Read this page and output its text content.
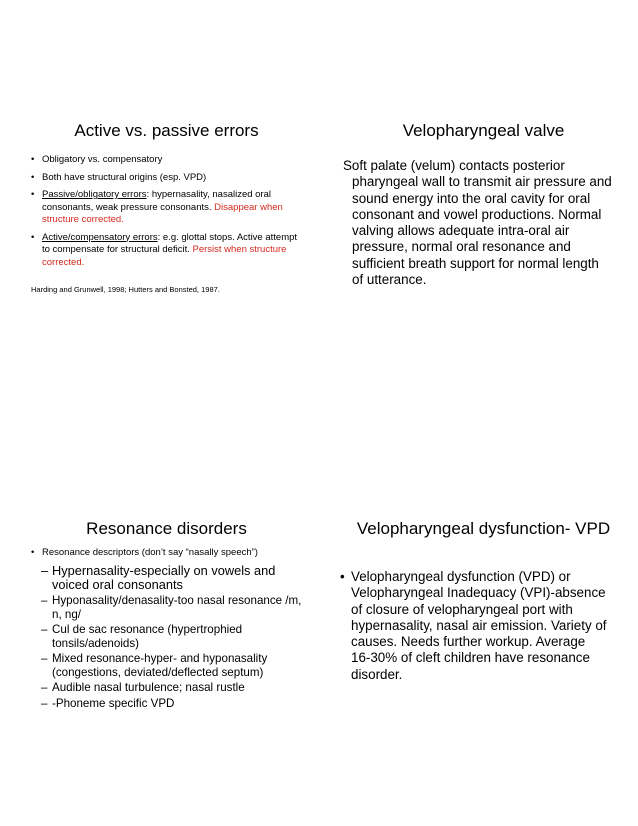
Active vs. passive errors
• Obligatory vs. compensatory
• Both have structural origins (esp. VPD)
• Passive/obligatory errors: hypernasality, nasalized oral consonants, weak pressure consonants. Disappear when structure corrected.
• Active/compensatory errors: e.g. glottal stops. Active attempt to compensate for structural deficit. Persist when structure corrected.
Harding and Grunwell, 1998; Hutters and Bonsted, 1987.
Velopharyngeal valve
Soft palate (velum) contacts posterior
pharyngeal wall to transmit air pressure and sound energy into the oral cavity for oral consonant and vowel productions. Normal valving allows adequate intra-oral air pressure, normal oral resonance and sufficient breath support for normal length of utterance.
Resonance disorders
• Resonance descriptors (don’t say “nasally speech”)
– Hypernasality-especially on vowels and voiced oral consonants
– Hyponasality/denasality-too nasal resonance /m, n, ng/
– Cul de sac resonance (hypertrophied tonsils/adenoids)
– Mixed resonance-hyper- and hyponasality (congestions, deviated/deflected septum)
– Audible nasal turbulence; nasal rustle
– -Phoneme specific VPD
Velopharyngeal dysfunction- VPD
• Velopharyngeal dysfunction (VPD) or Velopharyngeal Inadequacy (VPI)-absence of closure of velopharyngeal port with hypernasality, nasal air emission. Variety of causes. Needs further workup. Average 16-30% of cleft children have resonance disorder.
